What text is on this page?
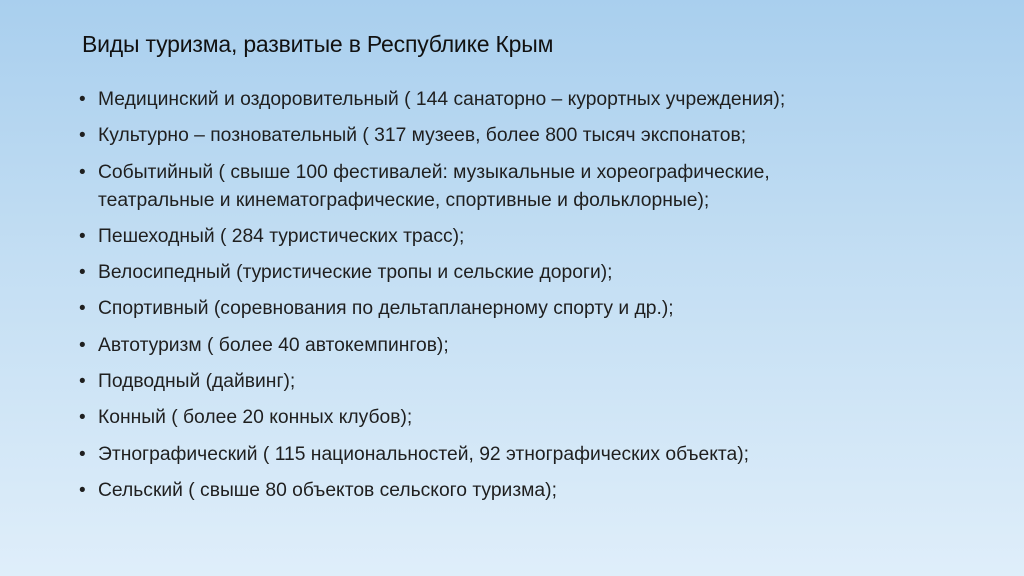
Виды туризма, развитые в Республике Крым
• Медицинский и оздоровительный ( 144 санаторно – курортных учреждения);
• Культурно – позновательный ( 317 музеев, более 800 тысяч экспонатов;
• Событийный ( свыше 100 фестивалей: музыкальные и хореографические,
театральные и кинематографические, спортивные и фольклорные);
• Пешеходный ( 284 туристических трасс);
• Велосипедный (туристические тропы и сельские дороги);
• Спортивный (соревнования по дельтапланерному спорту и др.);
• Автотуризм ( более 40 автокемпингов);
• Подводный (дайвинг);
• Конный ( более 20 конных клубов);
• Этнографический ( 115 национальностей, 92 этнографических объекта);
• Сельский ( свыше 80 объектов сельского туризма);
